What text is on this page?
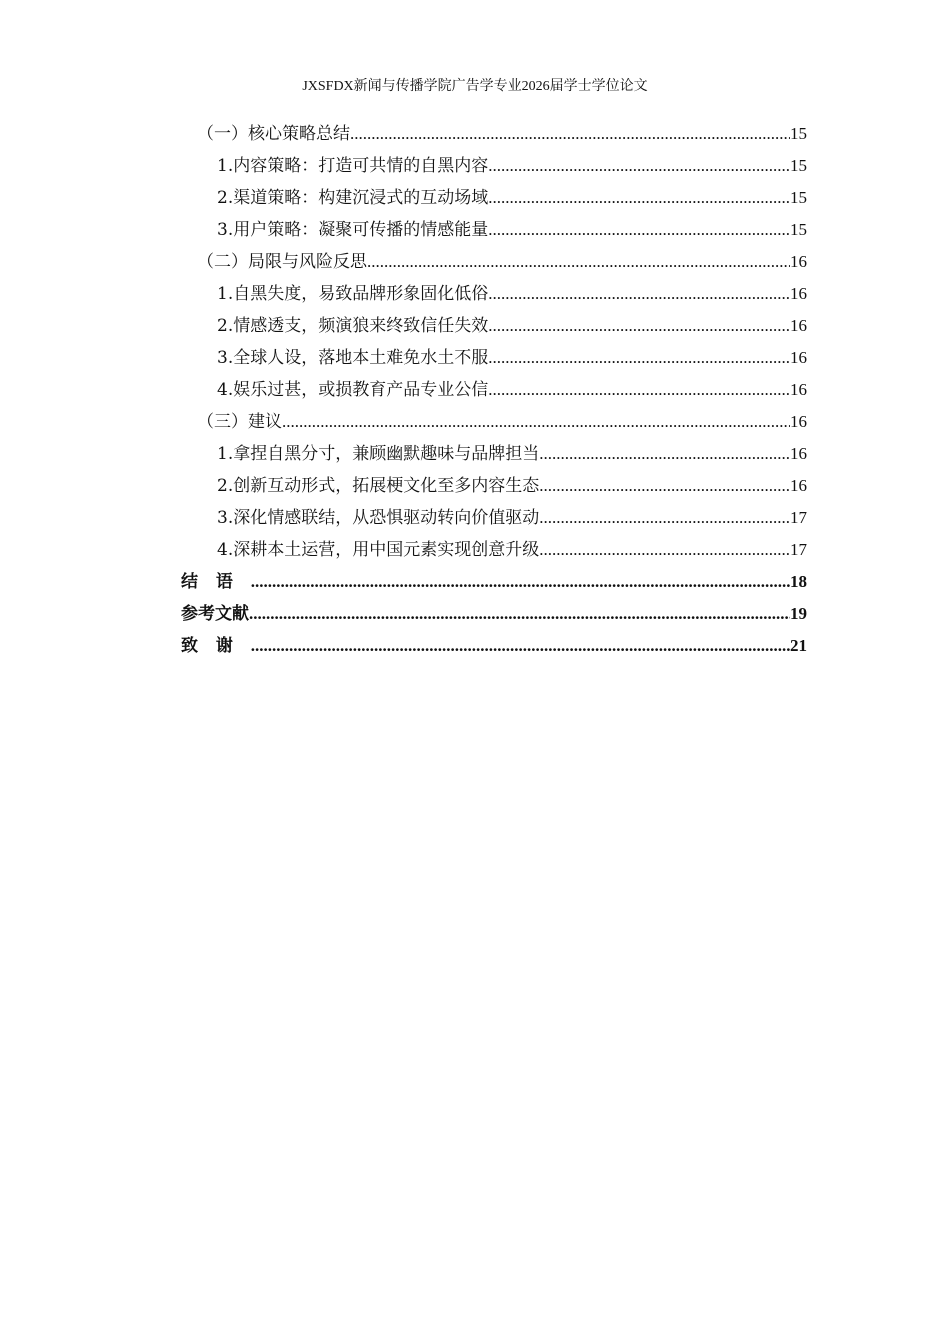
JXSFDX新闻与传播学院广告学专业2026届学士学位论文
（一）核心策略总结 .....	15
1.内容策略：打造可共情的自黑内容 .....	15
2.渠道策略：构建沉浸式的互动场域 .....	15
3.用户策略：凝聚可传播的情感能量 .....	15
（二）局限与风险反思 .....	16
1.自黑失度，易致品牌形象固化低俗 .....	16
2.情感透支，频演狼来终致信任失效 .....	16
3.全球人设，落地本土难免水土不服 .....	16
4.娱乐过甚，或损教育产品专业公信 .....	16
（三）建议 .....	16
1.拿捏自黑分寸，兼顾幽默趣味与品牌担当 .....	16
2.创新互动形式，拓展梗文化至多内容生态 .....	16
3.深化情感联结，从恐惧驱动转向价值驱动 .....	17
4.深耕本土运营，用中国元素实现创意升级 .....	17
结语 .....	18
参考文献 .....	19
致谢 .....	21
